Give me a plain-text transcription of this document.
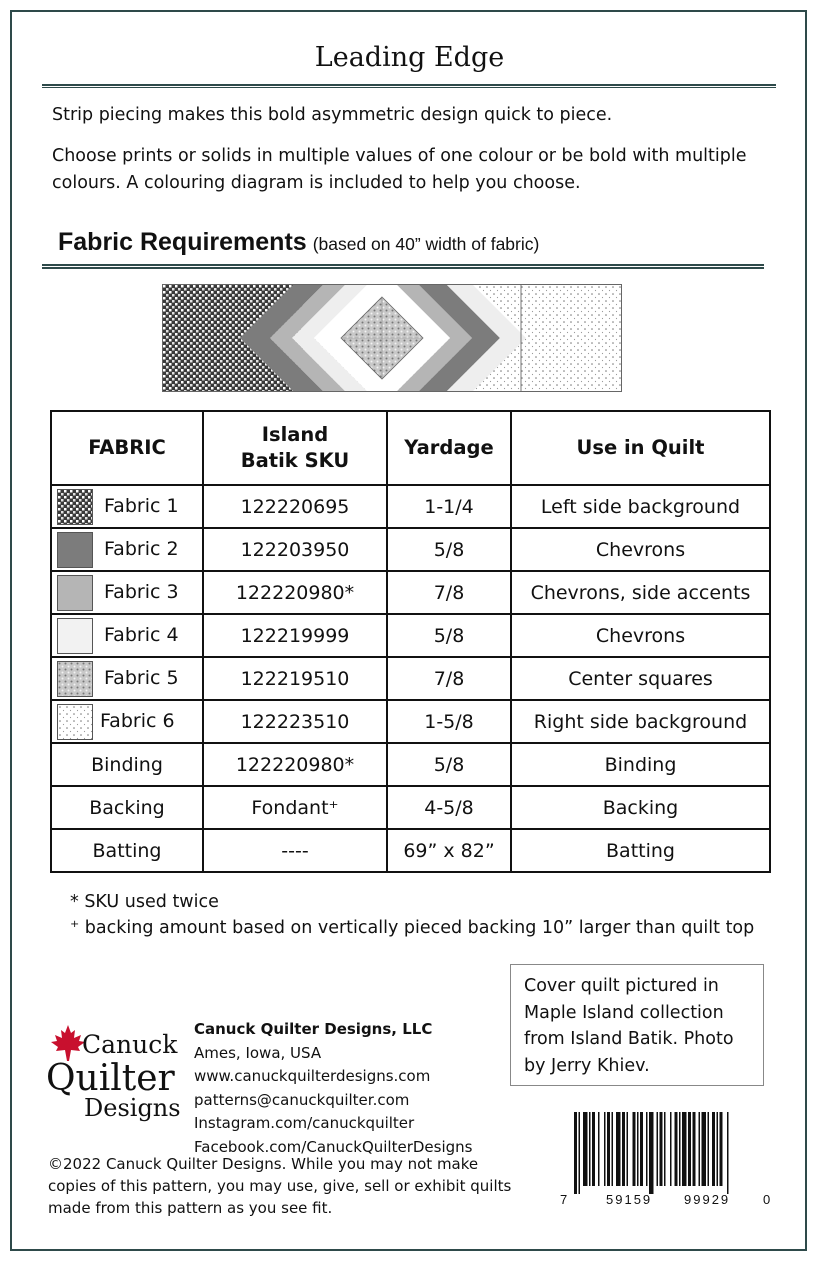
Leading Edge
Strip piecing makes this bold asymmetric design quick to piece.
Choose prints or solids in multiple values of one colour or be bold with multiple colours. A colouring diagram is included to help you choose.
Fabric Requirements (based on 40” width of fabric)
FABRIC	Island Batik SKU	Yardage	Use in Quilt

Fabric 1	122220695	1-1/4	Left side background

Fabric 2	122203950	5/8	Chevrons

Fabric 3	122220980*	7/8	Chevrons, side accents

Fabric 4	122219999	5/8	Chevrons

Fabric 5	122219510	7/8	Center squares

Fabric 6	122223510	1-5/8	Right side background
Binding	122220980*	5/8	Binding
Backing	Fondant⁺	4-5/8	Backing
Batting	----	69” x 82”	Batting
* SKU used twice
⁺ backing amount based on vertically pieced backing 10” larger than quilt top
Cover quilt pictured in Maple Island collection from Island Batik. Photo by Jerry Khiev.
Canuck
Quilter
Designs
Canuck Quilter Designs, LLC
Ames, Iowa, USA
www.canuckquilterdesigns.com
patterns@canuckquilter.com
Instagram.com/canuckquilter
Facebook.com/CanuckQuilterDesigns
©2022 Canuck Quilter Designs. While you may not make copies of this pattern, you may use, give, sell or exhibit quilts made from this pattern as you see fit.	7	59159 99929	0
